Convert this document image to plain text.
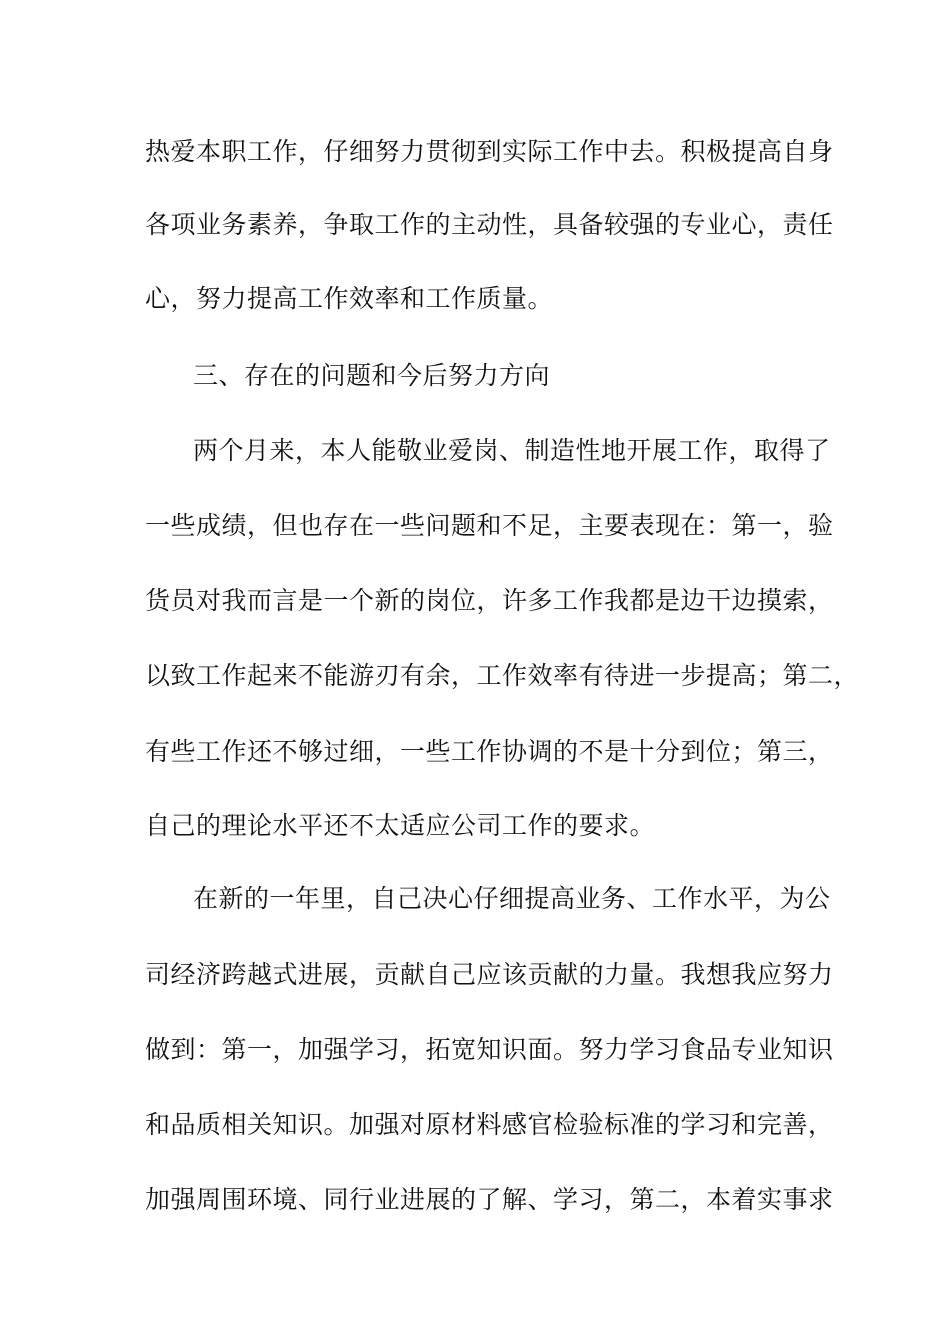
热爱本职工作，仔细努力贯彻到实际工作中去。积极提高自身

各项业务素养，争取工作的主动性，具备较强的专业心，责任

心，努力提高工作效率和工作质量。

三、存在的问题和今后努力方向

两个月来，本人能敬业爱岗、制造性地开展工作，取得了

一些成绩，但也存在一些问题和不足，主要表现在：第一，验

货员对我而言是一个新的岗位，许多工作我都是边干边摸索，

以致工作起来不能游刃有余，工作效率有待进一步提高；第二，

有些工作还不够过细，一些工作协调的不是十分到位；第三，

自己的理论水平还不太适应公司工作的要求。

在新的一年里，自己决心仔细提高业务、工作水平，为公

司经济跨越式进展，贡献自己应该贡献的力量。我想我应努力

做到：第一，加强学习，拓宽知识面。努力学习食品专业知识

和品质相关知识。加强对原材料感官检验标准的学习和完善，

加强周围环境、同行业进展的了解、学习，第二，本着实事求
